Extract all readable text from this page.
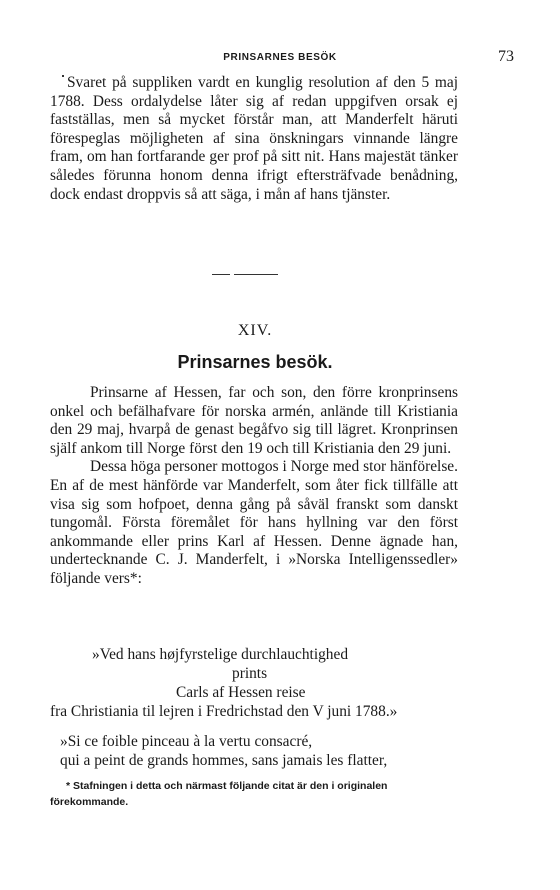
PRINSARNES BESÖK	73
Svaret på suppliken vardt en kunglig resolution af den 5 maj 1788. Dess ordalydelse låter sig af redan uppgifven orsak ej fastställas, men så mycket förstår man, att Manderfelt häruti förespeglas möjligheten af sina önskningars vinnande längre fram, om han fortfarande ger prof på sitt nit. Hans majestät tänker således förunna honom denna ifrigt eftersträfvade benådning, dock endast droppvis så att säga, i mån af hans tjänster.
XIV.
Prinsarnes besök.

Prinsarne af Hessen, far och son, den förre kronprinsens onkel och befälhafvare för norska armén, anlände till Kristiania den 29 maj, hvarpå de genast begåfvo sig till lägret. Kronprinsen själf ankom till Norge först den 19 och till Kristiania den 29 juni.

Dessa höga personer mottogos i Norge med stor hänförelse. En af de mest hänförde var Manderfelt, som åter fick tillfälle att visa sig som hofpoet, denna gång på såväl franskt som danskt tungomål. Första föremålet för hans hyllning var den först ankommande eller prins Karl af Hessen. Denne ägnade han, undertecknande C. J. Manderfelt, i »Norska Intelligenssedler» följande vers*:

»Ved hans højfyrstelige durchlauchtighed
prints
Carls af Hessen reise
fra Christiania til lejren i Fredrichstad den V juni 1788.»
»Si ce foible pinceau à la vertu consacré,
qui a peint de grands hommes, sans jamais les flatter,
* Stafningen i detta och närmast följande citat är den i originalen förekommande.
